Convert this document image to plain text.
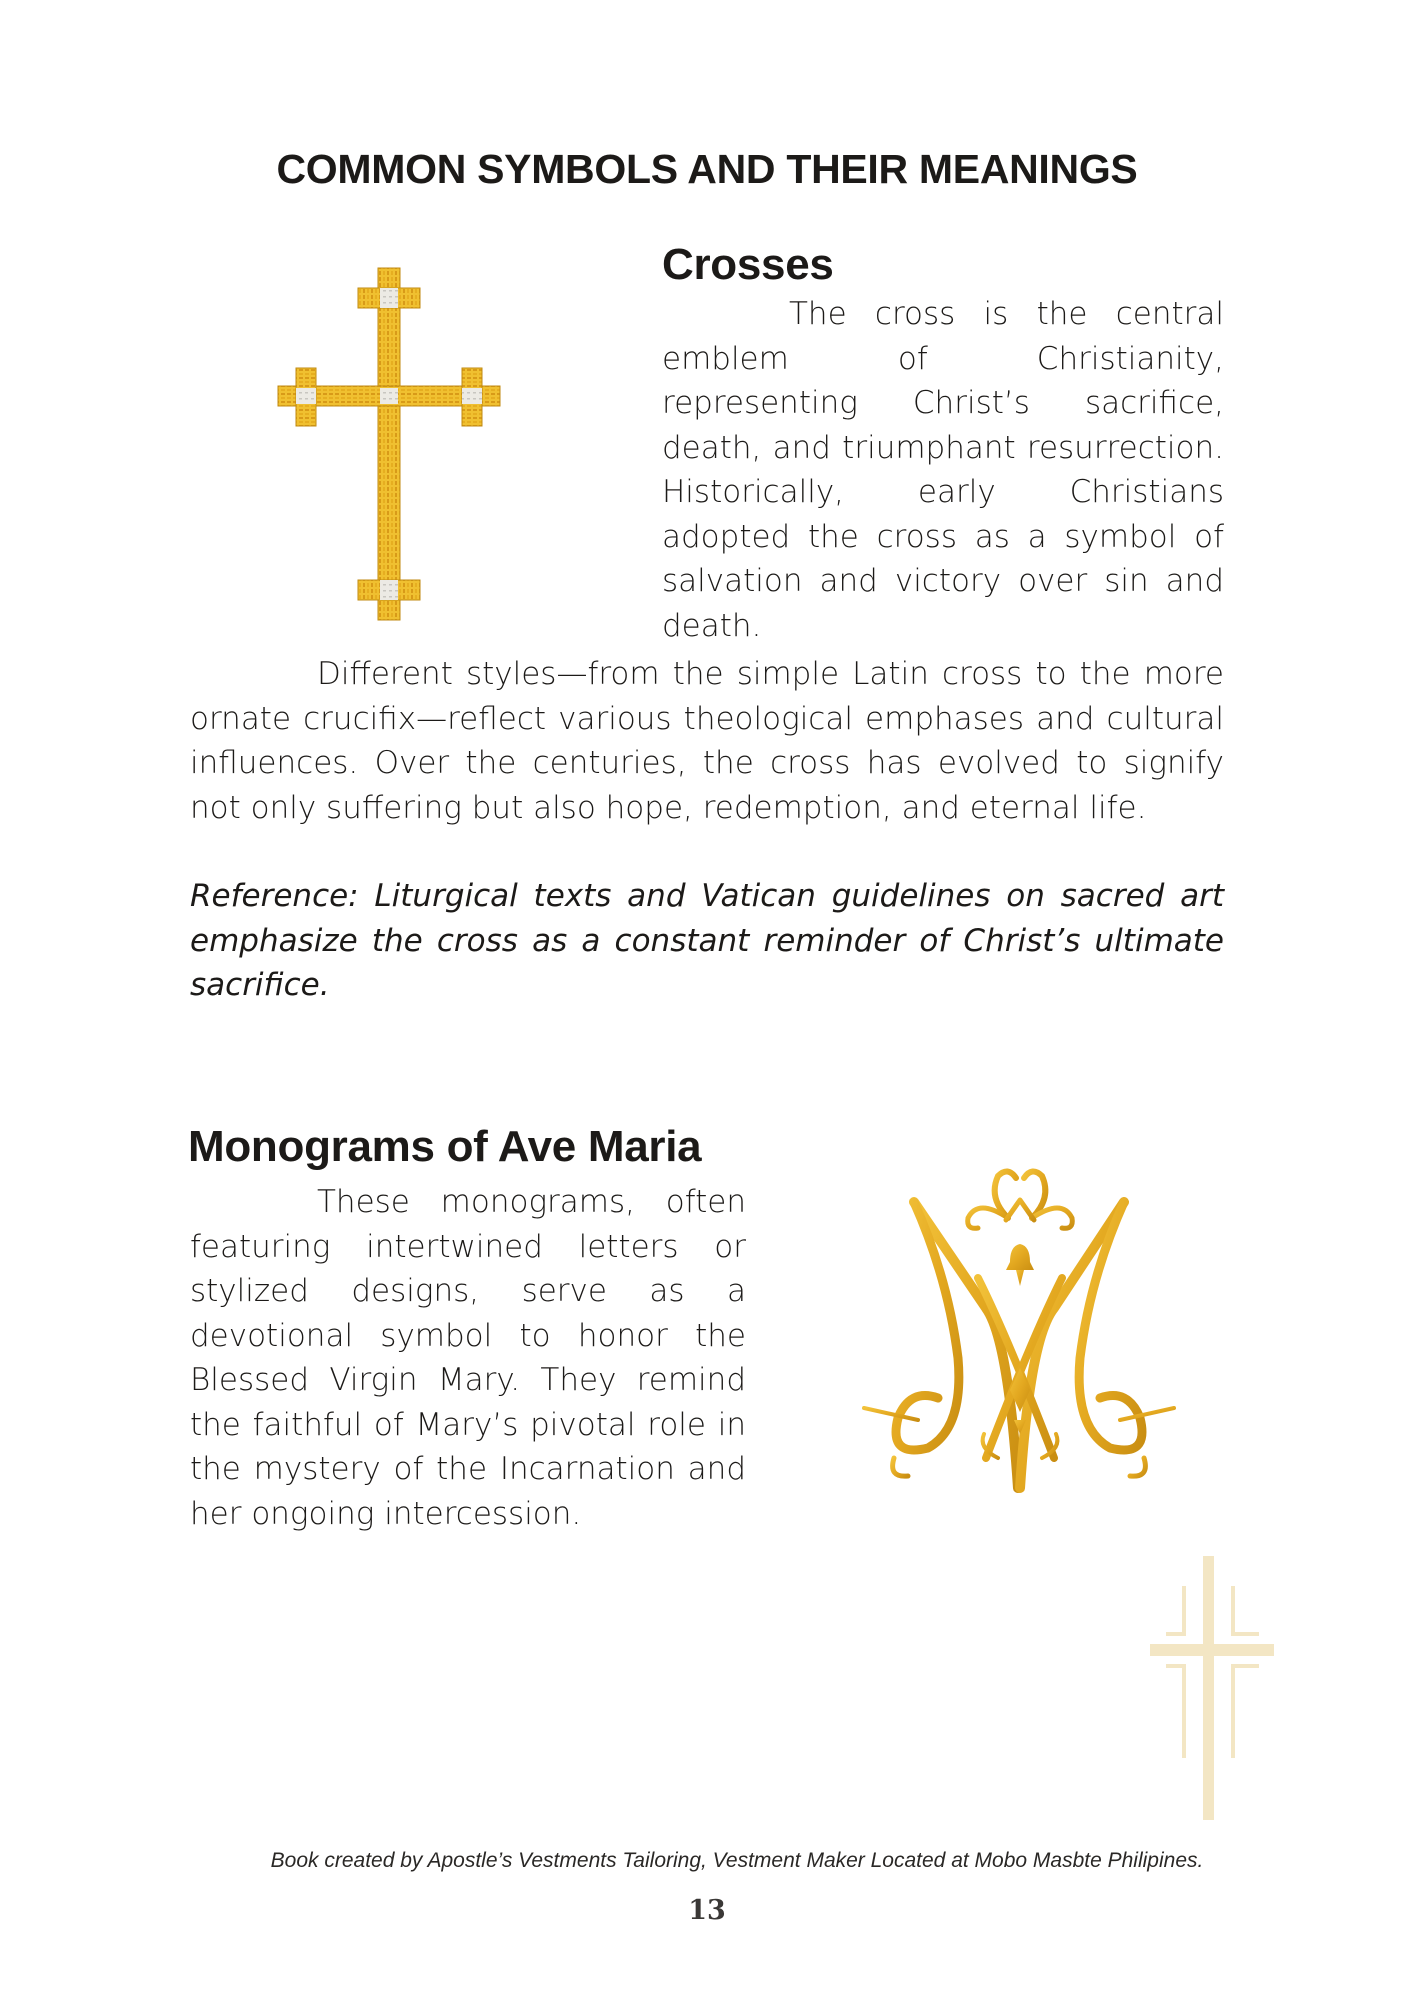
COMMON SYMBOLS AND THEIR MEANINGS
Crosses

The cross is the central emblem of Christianity, representing Christ’s sacrifice, death, and triumphant resurrection. Historically, early Christians adopted the cross as a symbol of salvation and victory over sin and death.

Different styles—from the simple Latin cross to the more ornate crucifix—reflect various theological emphases and cultural influences. Over the centuries, the cross has evolved to signify not only suffering but also hope, redemption, and eternal life.

Reference: Liturgical texts and Vatican guidelines on sacred art emphasize the cross as a constant reminder of Christ’s ultimate sacrifice.

Monograms of Ave Maria

These monograms, often featuring intertwined letters or stylized designs, serve as a devotional symbol to honor the Blessed Virgin Mary. They remind the faithful of Mary’s pivotal role in the mystery of the Incarnation and her ongoing intercession.

Book created by Apostle’s Vestments Tailoring, Vestment Maker Located at Mobo Masbte Philipines.
13
